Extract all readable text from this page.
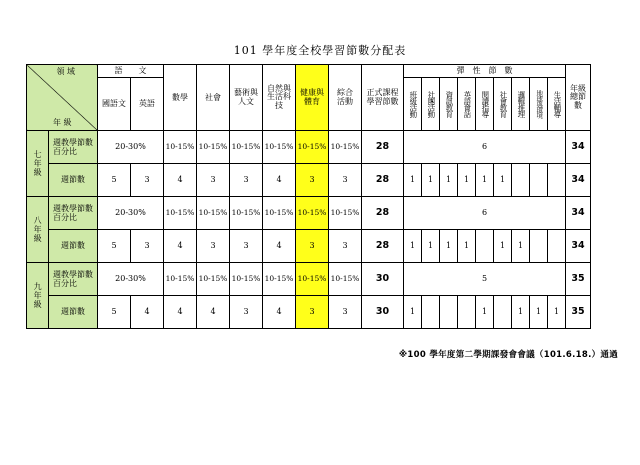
101 學年度全校學習節數分配表
領 域
年 級		語　　文		數學	社會	藝術與人文	自然與生活科技	健康與體育	綜合活動	正式課程學習節數	彈　性　節　數									年級總節數

		國語文	英語								班級活動	社團活動	資訊教育	英語會話	閱讀指導	社會教育	邏輯推理	地球與環境	生活輔導	

七年級	週教學節數百分比	20-30%		10-15%	10-15%	10-15%	10-15%	10-15%	10-15%	28	6									34
	週節數	5	3	4	3	3	4	3	3	28	1	1	1	1	1	1				34

八年級	週教學節數百分比	20-30%		10-15%	10-15%	10-15%	10-15%	10-15%	10-15%	28	6									34
	週節數	5	3	4	3	3	4	3	3	28	1	1	1	1		1	1			34

九年級	週教學節數百分比	20-30%		10-15%	10-15%	10-15%	10-15%	10-15%	10-15%	30	5									35
	週節數	5	4	4	4	3	4	3	3	30	1				1		1	1	1	35
※100 學年度第二學期課發會會議（101.6.18.）通過
